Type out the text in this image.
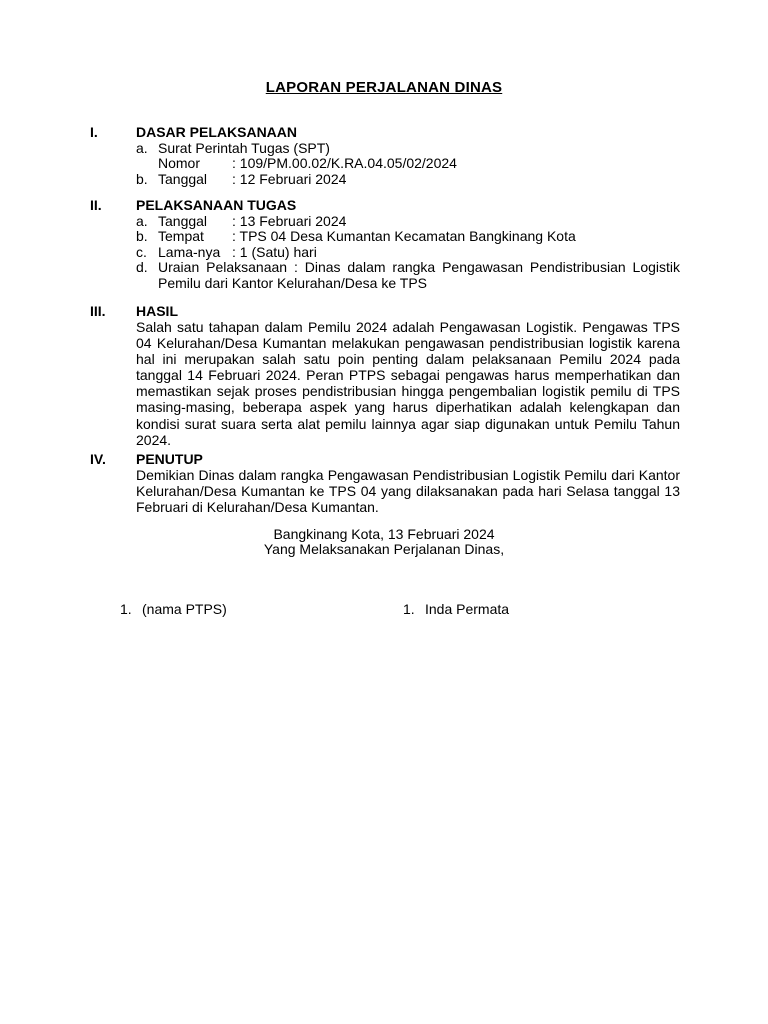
LAPORAN PERJALANAN DINAS
I.	DASAR PELAKSANAAN
a. Surat Perintah Tugas (SPT)
Nomor : 109/PM.00.02/K.RA.04.05/02/2024
b. Tanggal : 12 Februari 2024
II. PELAKSANAAN TUGAS
a. Tanggal : 13 Februari 2024
b. Tempat : TPS 04 Desa Kumantan Kecamatan Bangkinang Kota
c. Lama-nya : 1 (Satu) hari
d. Uraian Pelaksanaan : Dinas dalam rangka Pengawasan Pendistribusian Logistik Pemilu dari Kantor Kelurahan/Desa ke TPS
III. HASIL
Salah satu tahapan dalam Pemilu 2024 adalah Pengawasan Logistik. Pengawas TPS 04 Kelurahan/Desa Kumantan melakukan pengawasan pendistribusian logistik karena hal ini merupakan salah satu poin penting dalam pelaksanaan Pemilu 2024 pada tanggal 14 Februari 2024. Peran PTPS sebagai pengawas harus memperhatikan dan memastikan sejak proses pendistribusian hingga pengembalian logistik pemilu di TPS masing-masing, beberapa aspek yang harus diperhatikan adalah kelengkapan dan kondisi surat suara serta alat pemilu lainnya agar siap digunakan untuk Pemilu Tahun 2024.
IV. PENUTUP
Demikian Dinas dalam rangka Pengawasan Pendistribusian Logistik Pemilu dari Kantor Kelurahan/Desa Kumantan ke TPS 04 yang dilaksanakan pada hari Selasa tanggal 13 Februari di Kelurahan/Desa Kumantan.
Bangkinang Kota, 13 Februari 2024
Yang Melaksanakan Perjalanan Dinas,
1. (nama PTPS)	1. Inda Permata
